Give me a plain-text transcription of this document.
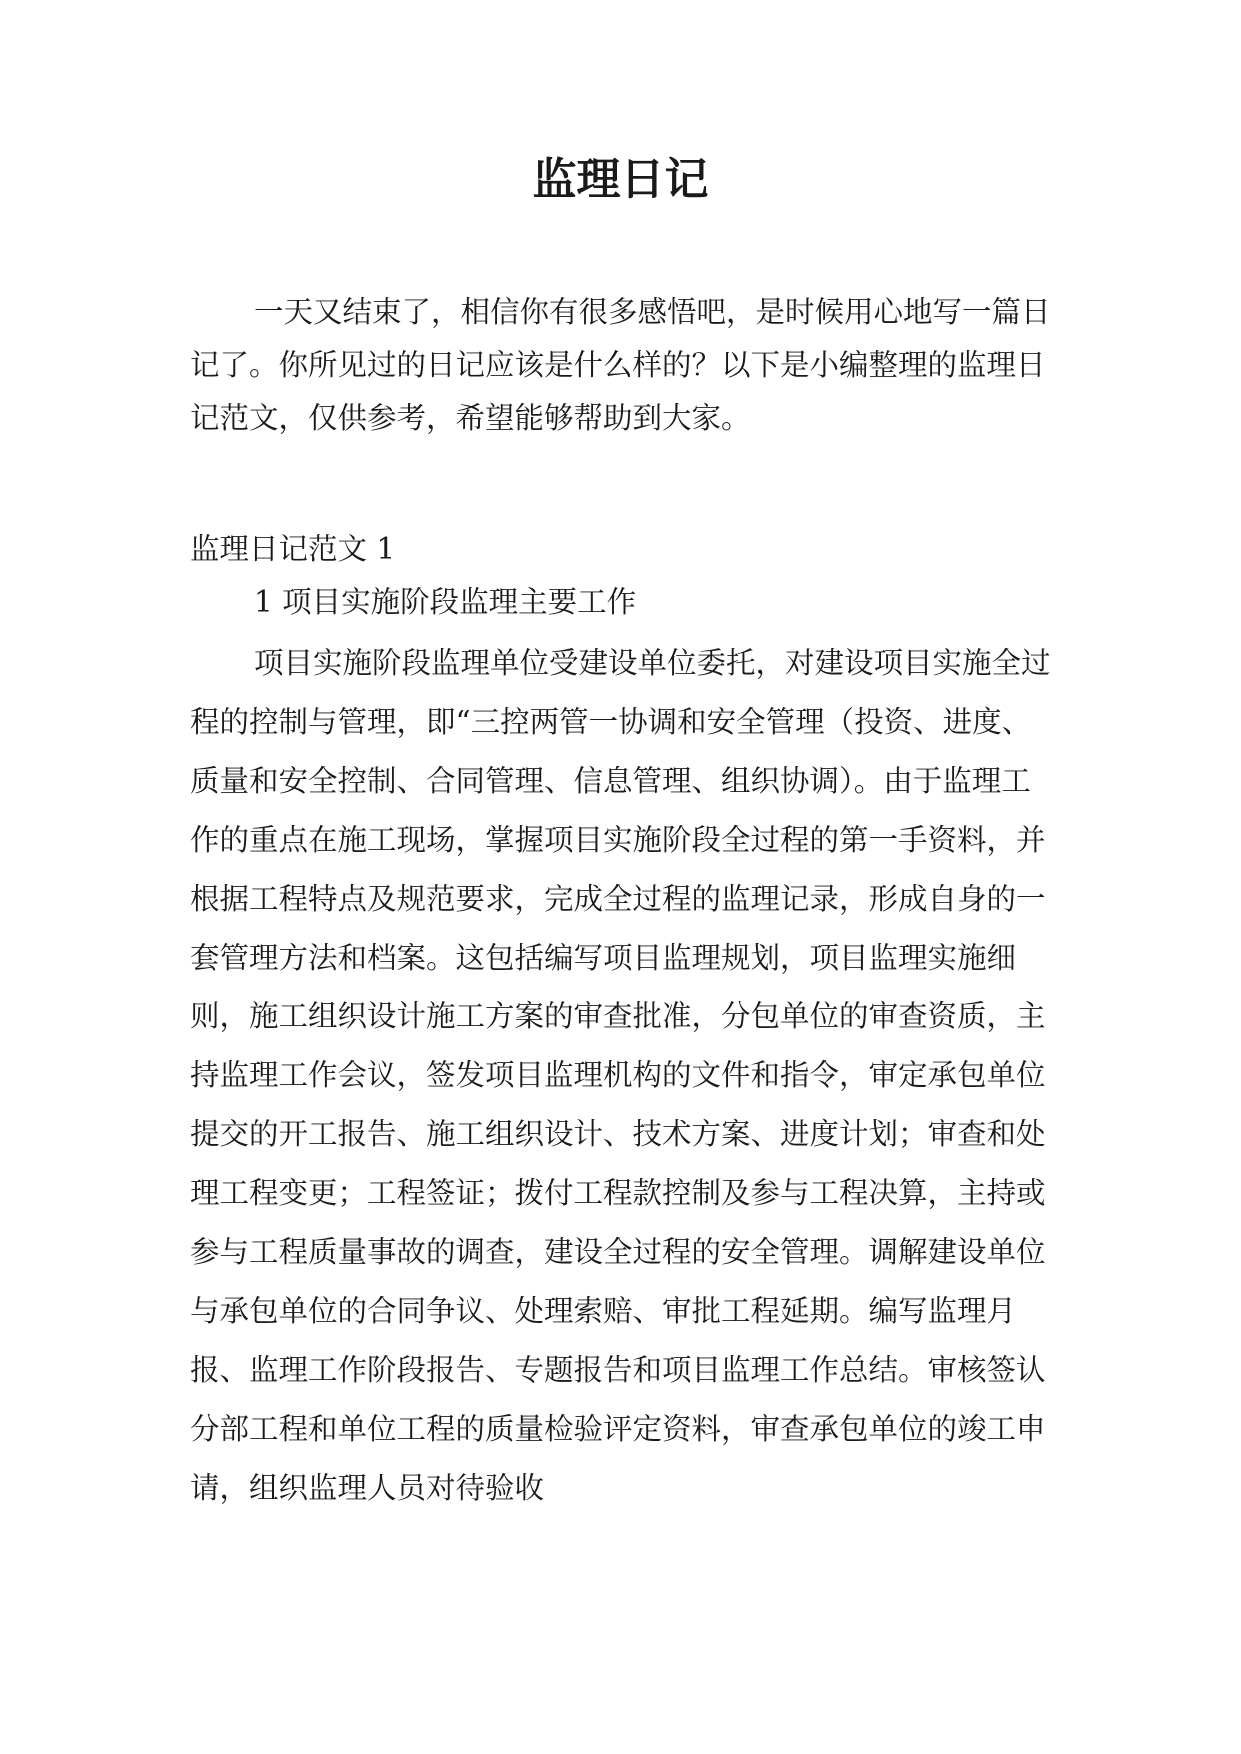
监理日记

一天又结束了，相信你有很多感悟吧，是时候用心地写一篇日记了。你所见过的日记应该是什么样的？以下是小编整理的监理日记范文，仅供参考，希望能够帮助到大家。

监理日记范文 1

1 项目实施阶段监理主要工作

项目实施阶段监理单位受建设单位委托，对建设项目实施全过程的控制与管理，即“三控两管一协调和安全管理（投资、进度、质量和安全控制、合同管理、信息管理、组织协调）。由于监理工作的重点在施工现场，掌握项目实施阶段全过程的第一手资料，并根据工程特点及规范要求，完成全过程的监理记录，形成自身的一套管理方法和档案。这包括编写项目监理规划，项目监理实施细则，施工组织设计施工方案的审查批准，分包单位的审查资质，主持监理工作会议，签发项目监理机构的文件和指令，审定承包单位提交的开工报告、施工组织设计、技术方案、进度计划；审查和处理工程变更；工程签证；拨付工程款控制及参与工程决算，主持或参与工程质量事故的调查，建设全过程的安全管理。调解建设单位与承包单位的合同争议、处理索赔、审批工程延期。编写监理月报、监理工作阶段报告、专题报告和项目监理工作总结。审核签认分部工程和单位工程的质量检验评定资料，审查承包单位的竣工申请，组织监理人员对待验收
